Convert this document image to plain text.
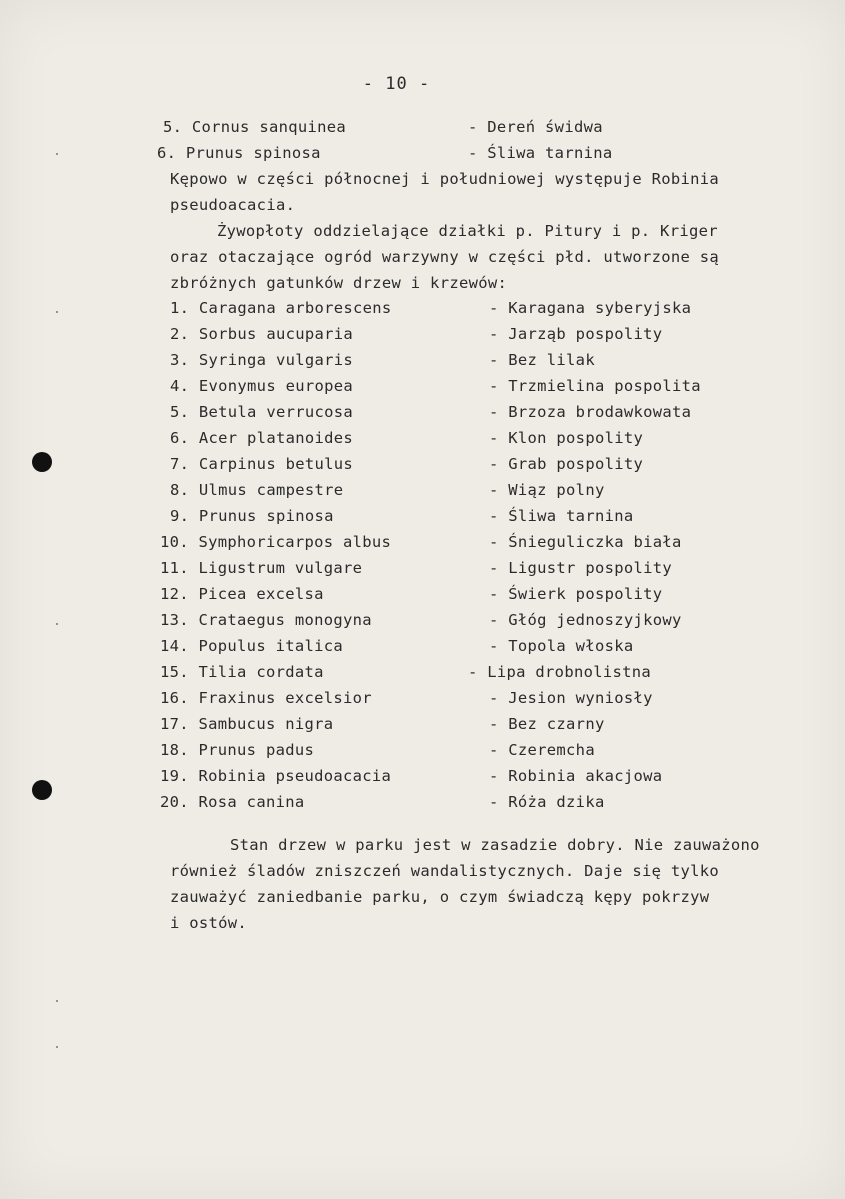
- 10 -
5. Cornus sanquinea	- Dereń świdwa
6. Prunus spinosa	- Śliwa tarnina
Kępowo w części północnej i południowej występuje Robinia
pseudoacacia.
Żywopłoty oddzielające działki p. Pitury i p. Kriger
oraz otaczające ogród warzywny w części płd. utworzone są
zbróżnych gatunków drzew i krzewów:
1. Caragana arborescens	- Karagana syberyjska
2. Sorbus aucuparia	- Jarząb pospolity
3. Syringa vulgaris	- Bez lilak
4. Evonymus europea	- Trzmielina pospolita
5. Betula verrucosa	- Brzoza brodawkowata
6. Acer platanoides	- Klon pospolity
7. Carpinus betulus	- Grab pospolity
8. Ulmus campestre	- Wiąz polny
9. Prunus spinosa	- Śliwa tarnina
10. Symphoricarpos albus	- Śnieguliczka biała
11. Ligustrum vulgare	- Ligustr pospolity
12. Picea excelsa	- Świerk pospolity
13. Crataegus monogyna	- Głóg jednoszyjkowy
14. Populus italica	- Topola włoska
15. Tilia cordata	- Lipa drobnolistna
16. Fraxinus excelsior	- Jesion wyniosły
17. Sambucus nigra	- Bez czarny
18. Prunus padus	- Czeremcha
19. Robinia pseudoacacia	- Robinia akacjowa
20. Rosa canina	- Róża dzika
Stan drzew w parku jest w zasadzie dobry. Nie zauważono
również śladów zniszczeń wandalistycznych. Daje się tylko
zauważyć zaniedbanie parku, o czym świadczą kępy pokrzyw
i ostów.
